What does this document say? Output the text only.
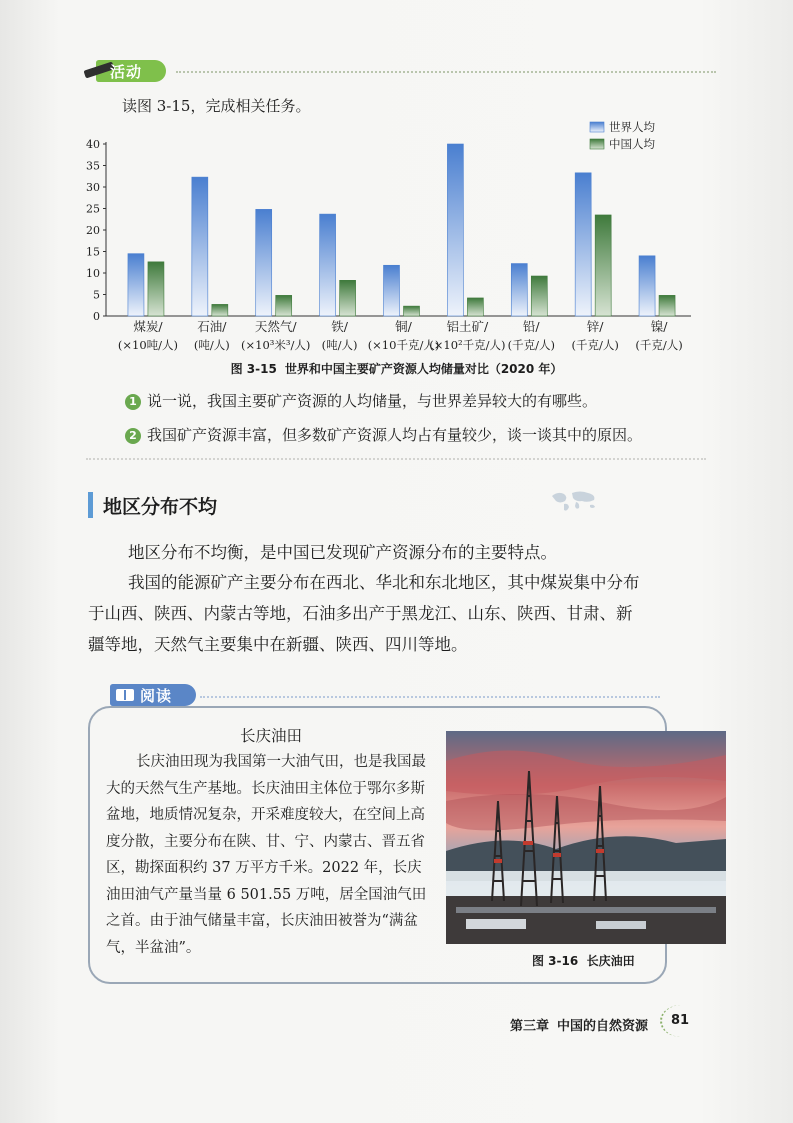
活动
读图 3-15，完成相关任务。
0
5
10
15
20
25
30
35
40
煤炭/
(×10吨/人)
石油/
(吨/人)
天然气/
(×10³米³/人)
铁/
(吨/人)
铜/
(×10千克/人)
铝土矿/
(×10²千克/人)
铅/
(千克/人)
锌/
(千克/人)
镍/
(千克/人)
世界人均
中国人均
图 3-15 世界和中国主要矿产资源人均储量对比（2020 年）
1 说一说，我国主要矿产资源的人均储量，与世界差异较大的有哪些。
2 我国矿产资源丰富，但多数矿产资源人均占有量较少，谈一谈其中的原因。
地区分布不均
地区分布不均衡，是中国已发现矿产资源分布的主要特点。
我国的能源矿产主要分布在西北、华北和东北地区，其中煤炭集中分布于山西、陕西、内蒙古等地，石油多出产于黑龙江、山东、陕西、甘肃、新疆等地，天然气主要集中在新疆、陕西、四川等地。
阅读
长庆油田
长庆油田现为我国第一大油气田，也是我国最大的天然气生产基地。长庆油田主体位于鄂尔多斯盆地，地质情况复杂，开采难度较大，在空间上高度分散，主要分布在陕、甘、宁、内蒙古、晋五省区，勘探面积约 37 万平方千米。2022 年，长庆油田油气产量当量 6 501.55 万吨，居全国油气田之首。由于油气储量丰富，长庆油田被誉为“满盆气，半盆油”。
图 3-16 长庆油田
第三章 中国的自然资源 81
